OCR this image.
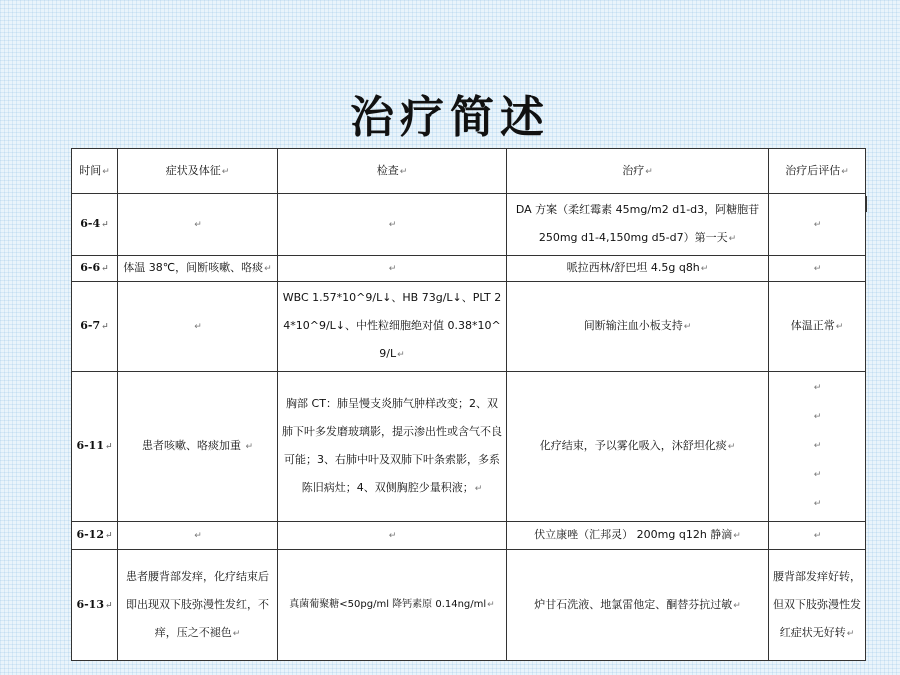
治疗简述
时间↵	症状及体征↵	检查↵	治疗↵	治疗后评估↵
6-4↵	↵	↵	DA 方案（柔红霉素 45mg/m2 d1-d3，阿糖胞苷 250mg d1-4,150mg d5-d7）第一天↵	↵
6-6↵	体温 38℃，间断咳嗽、咯痰↵	↵	哌拉西林/舒巴坦 4.5g q8h↵	↵
6-7↵	↵	WBC 1.57*10^9/L↓、HB 73g/L↓、PLT 24*10^9/L↓、中性粒细胞绝对值 0.38*10^9/L↵	间断输注血小板支持↵	体温正常↵
6-11↵	患者咳嗽、咯痰加重 ↵	胸部 CT：肺呈慢支炎肺气肿样改变；2、双肺下叶多发磨玻璃影，提示渗出性或含气不良可能；3、右肺中叶及双肺下叶条索影，多系陈旧病灶；4、双侧胸腔少量积液；↵	化疗结束，予以雾化吸入，沐舒坦化痰↵	↵
↵
↵
↵
↵

6-12↵	↵	↵	伏立康唑（汇邦灵） 200mg q12h 静滴↵	↵
6-13↵	患者腰背部发痒，化疗结束后即出现双下肢弥漫性发红，不痒，压之不褪色↵	真菌葡聚糖<50pg/ml 降钙素原 0.14ng/ml↵	炉甘石洗液、地氯雷他定、酮替芬抗过敏↵	腰背部发痒好转，但双下肢弥漫性发红症状无好转↵
